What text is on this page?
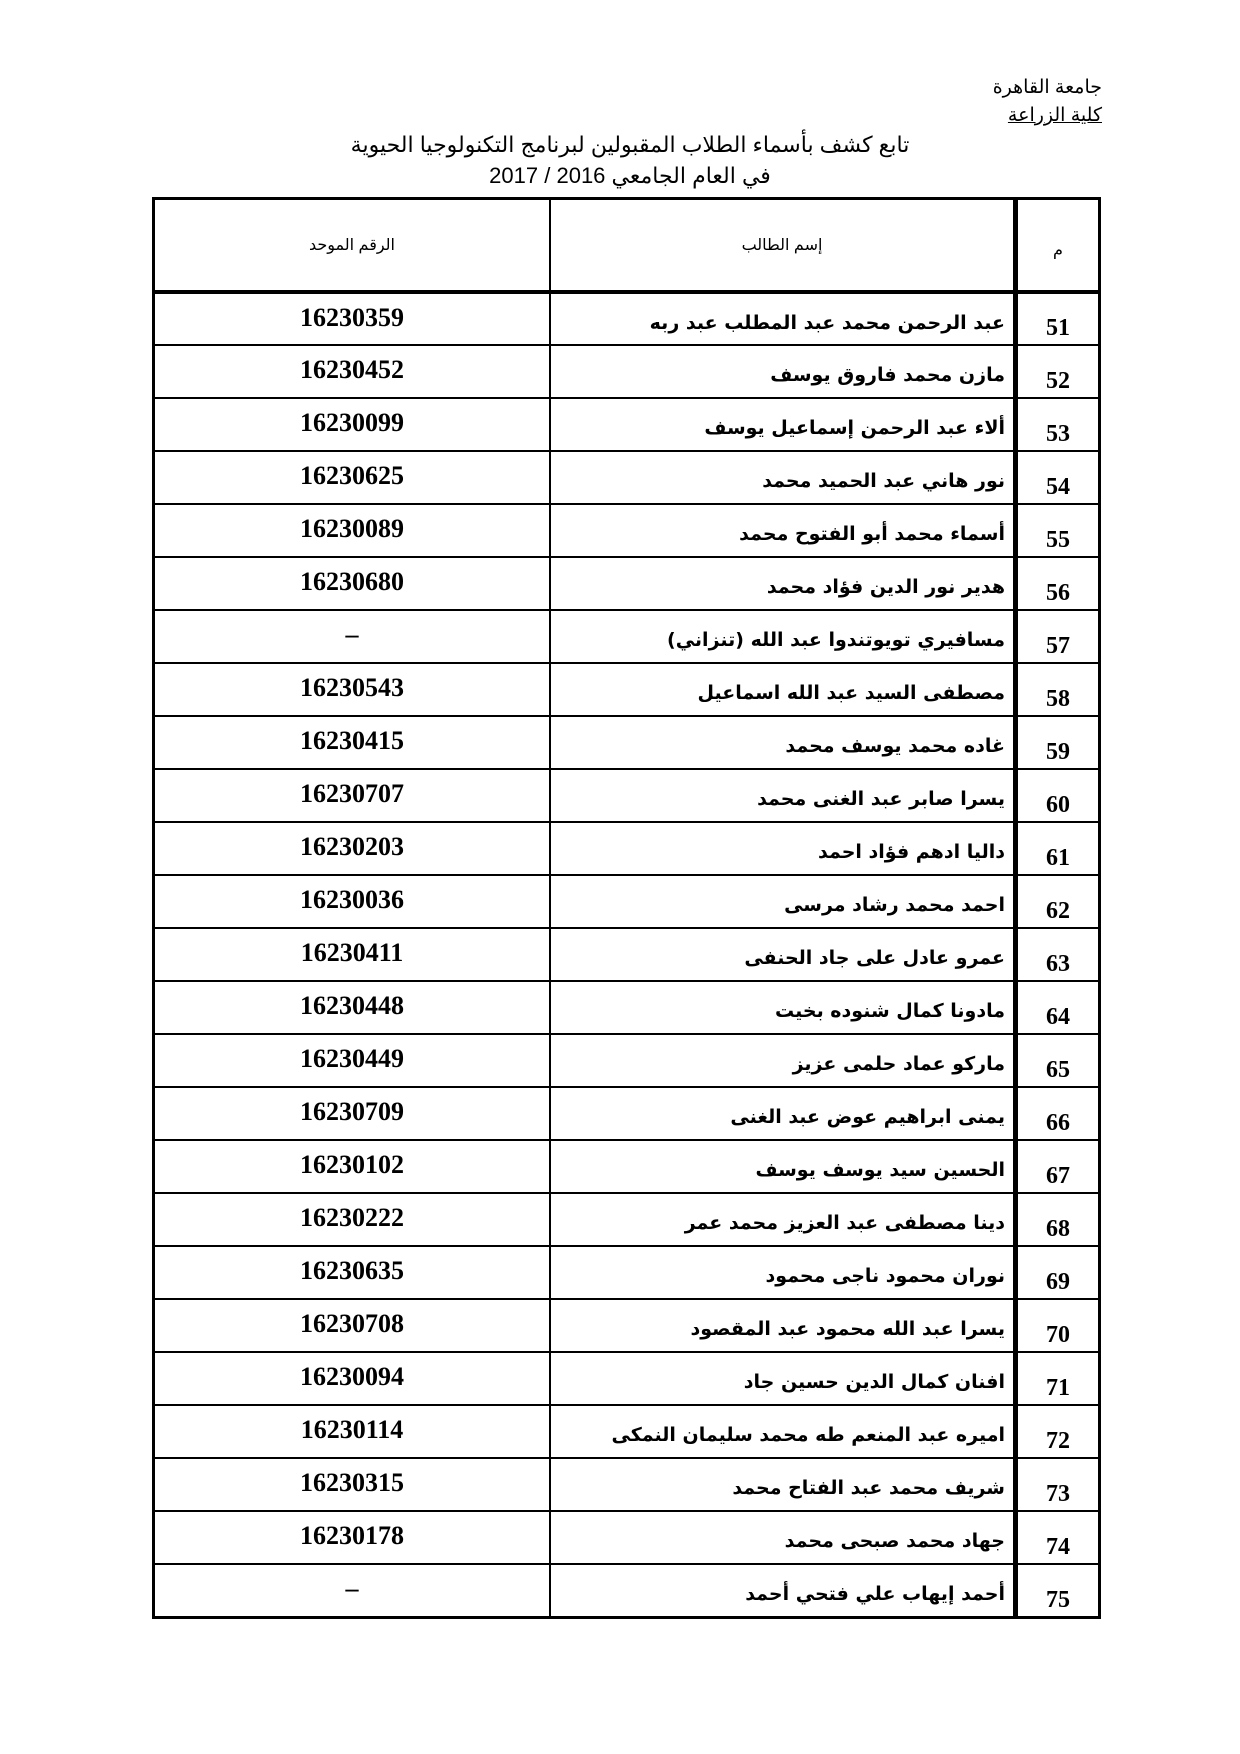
جامعة القاهرة
كلية الزراعة
تابع كشف بأسماء الطلاب المقبولين لبرنامج التكنولوجيا الحيوية
في العام الجامعي 2016 / 2017
الرقم الموحد	إسم الطالب	م
16230359	عبد الرحمن محمد عبد المطلب عبد ربه	51
16230452	مازن محمد فاروق يوسف	52
16230099	ألاء عبد الرحمن إسماعيل يوسف	53
16230625	نور هاني عبد الحميد محمد	54
16230089	أسماء محمد أبو الفتوح محمد	55
16230680	هدير نور الدين فؤاد محمد	56
–	مسافيري تويوتندوا عبد الله (تنزاني)	57
16230543	مصطفى السيد عبد الله اسماعيل	58
16230415	غاده محمد يوسف محمد	59
16230707	يسرا صابر عبد الغنى محمد	60
16230203	داليا ادهم فؤاد احمد	61
16230036	احمد محمد رشاد مرسى	62
16230411	عمرو عادل على جاد الحنفى	63
16230448	مادونا كمال شنوده بخيت	64
16230449	ماركو عماد حلمى عزيز	65
16230709	يمنى ابراهيم عوض عبد الغنى	66
16230102	الحسين سيد يوسف يوسف	67
16230222	دينا مصطفى عبد العزيز محمد عمر	68
16230635	نوران محمود ناجى محمود	69
16230708	يسرا عبد الله محمود عبد المقصود	70
16230094	افنان كمال الدين حسين جاد	71
16230114	اميره عبد المنعم طه محمد سليمان النمكى	72
16230315	شريف محمد عبد الفتاح محمد	73
16230178	جهاد محمد صبحى محمد	74
–	أحمد إيهاب علي فتحي أحمد	75
